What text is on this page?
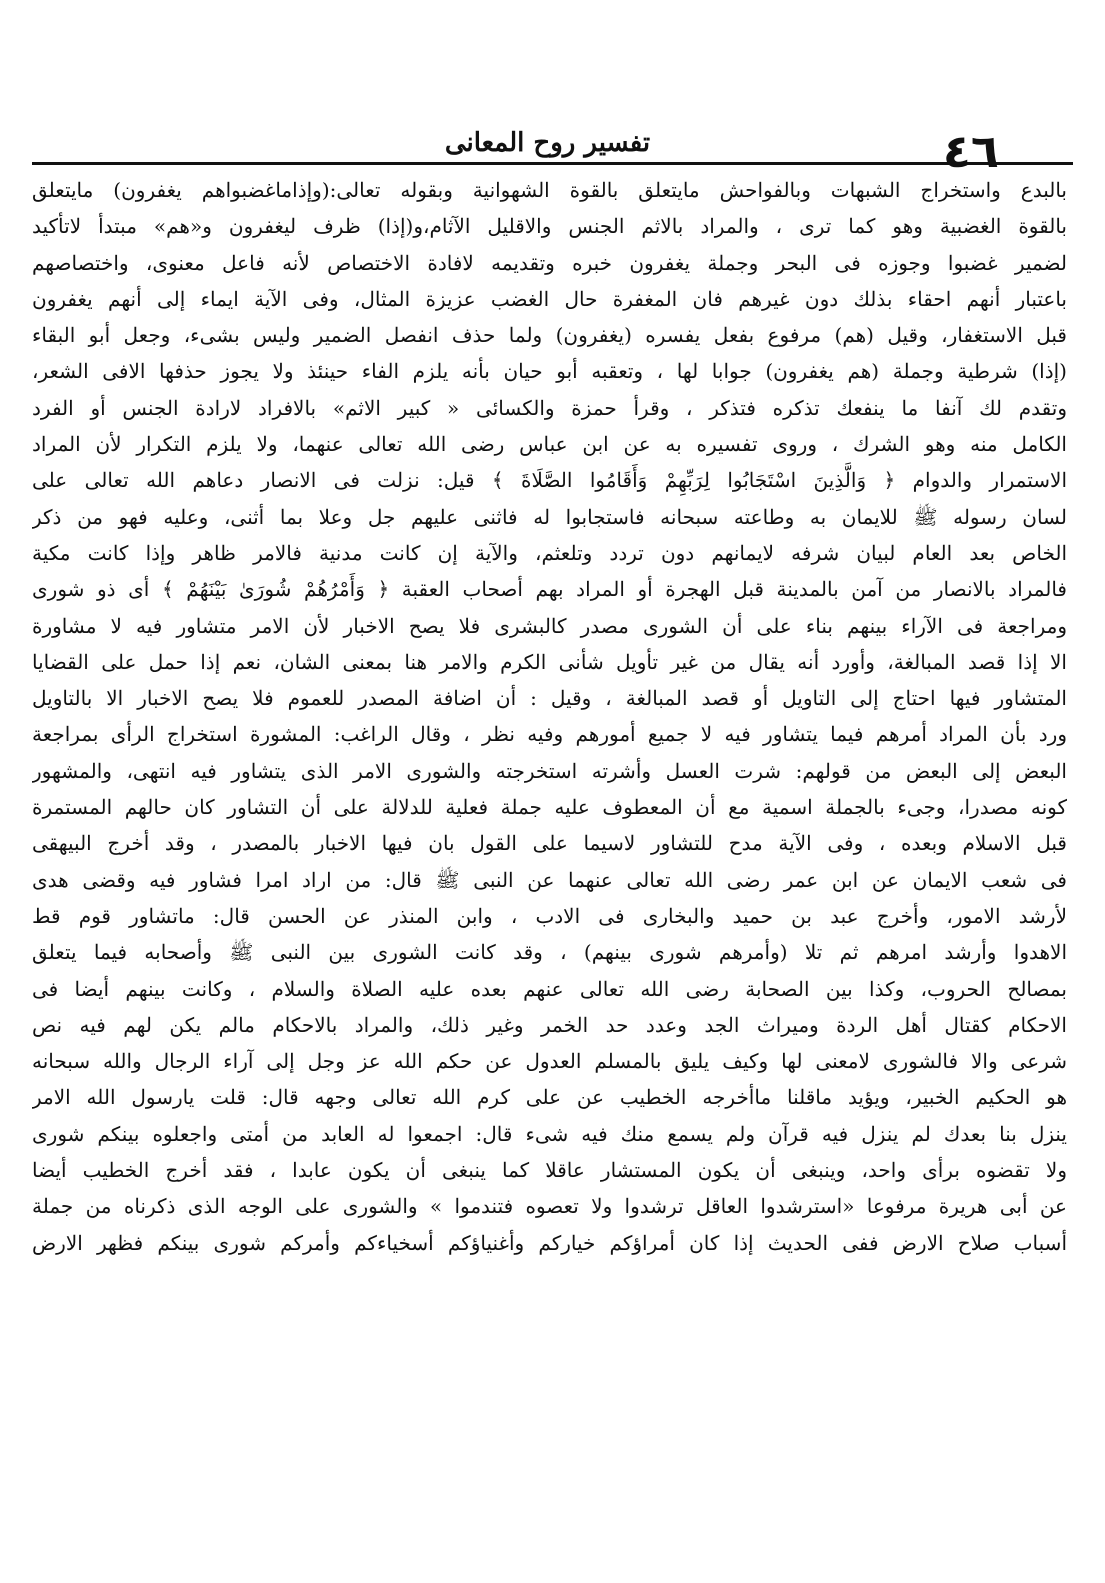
٤٦
تفسير روح المعانى
بالبدع واستخراج الشبهات وبالفواحش مايتعلق بالقوة الشهوانية وبقوله تعالى:(وإذاماغضبواهم يغفرون) مايتعلق
بالقوة الغضبية وهو كما ترى ، والمراد بالاثم الجنس والاقليل الآثام،و(إذا) ظرف ليغفرون و«هم» مبتدأ لاتأكيد
لضمير غضبوا وجوزه فى البحر وجملة يغفرون خبره وتقديمه لافادة الاختصاص لأنه فاعل معنوى، واختصاصهم
باعتبار أنهم احقاء بذلك دون غيرهم فان المغفرة حال الغضب عزيزة المثال، وفى الآية ايماء إلى أنهم يغفرون
قبل الاستغفار، وقيل (هم) مرفوع بفعل يفسره (يغفرون) ولما حذف انفصل الضمير وليس بشىء، وجعل أبو البقاء
(إذا) شرطية وجملة (هم يغفرون) جوابا لها ، وتعقبه أبو حيان بأنه يلزم الفاء حينئذ ولا يجوز حذفها الافى الشعر،
وتقدم لك آنفا ما ينفعك تذكره فتذكر ، وقرأ حمزة والكسائى « كبير الاثم» بالافراد لارادة الجنس أو الفرد
الكامل منه وهو الشرك ، وروى تفسيره به عن ابن عباس رضى الله تعالى عنهما، ولا يلزم التكرار لأن المراد
الاستمرار والدوام ﴿ وَالَّذِينَ اسْتَجَابُوا لِرَبِّهِمْ وَأَقَامُوا الصَّلَاةَ ﴾ قيل: نزلت فى الانصار دعاهم الله تعالى على
لسان رسوله ﷺ للايمان به وطاعته سبحانه فاستجابوا له فاثنى عليهم جل وعلا بما أثنى، وعليه فهو من ذكر
الخاص بعد العام لبيان شرفه لايمانهم دون تردد وتلعثم، والآية إن كانت مدنية فالامر ظاهر وإذا كانت مكية
فالمراد بالانصار من آمن بالمدينة قبل الهجرة أو المراد بهم أصحاب العقبة ﴿ وَأَمْرُهُمْ شُورَىٰ بَيْنَهُمْ ﴾ أى ذو شورى
ومراجعة فى الآراء بينهم بناء على أن الشورى مصدر كالبشرى فلا يصح الاخبار لأن الامر متشاور فيه لا مشاورة
الا إذا قصد المبالغة، وأورد أنه يقال من غير تأويل شأنى الكرم والامر هنا بمعنى الشان، نعم إذا حمل على القضايا
المتشاور فيها احتاج إلى التاويل أو قصد المبالغة ، وقيل : أن اضافة المصدر للعموم فلا يصح الاخبار الا بالتاويل
ورد بأن المراد أمرهم فيما يتشاور فيه لا جميع أمورهم وفيه نظر ، وقال الراغب: المشورة استخراج الرأى بمراجعة
البعض إلى البعض من قولهم: شرت العسل وأشرته استخرجته والشورى الامر الذى يتشاور فيه انتهى، والمشهور
كونه مصدرا، وجىء بالجملة اسمية مع أن المعطوف عليه جملة فعلية للدلالة على أن التشاور كان حالهم المستمرة
قبل الاسلام وبعده ، وفى الآية مدح للتشاور لاسيما على القول بان فيها الاخبار بالمصدر ، وقد أخرج البيهقى
فى شعب الايمان عن ابن عمر رضى الله تعالى عنهما عن النبى ﷺ قال: من اراد امرا فشاور فيه وقضى هدى
لأرشد الامور، وأخرج عبد بن حميد والبخارى فى الادب ، وابن المنذر عن الحسن قال: ماتشاور قوم قط
الاهدوا وأرشد امرهم ثم تلا (وأمرهم شورى بينهم) ، وقد كانت الشورى بين النبى ﷺ وأصحابه فيما يتعلق
بمصالح الحروب، وكذا بين الصحابة رضى الله تعالى عنهم بعده عليه الصلاة والسلام ، وكانت بينهم أيضا فى
الاحكام كقتال أهل الردة وميراث الجد وعدد حد الخمر وغير ذلك، والمراد بالاحكام مالم يكن لهم فيه نص
شرعى والا فالشورى لامعنى لها وكيف يليق بالمسلم العدول عن حكم الله عز وجل إلى آراء الرجال والله سبحانه
هو الحكيم الخبير، ويؤيد ماقلنا ماأخرجه الخطيب عن على كرم الله تعالى وجهه قال: قلت يارسول الله الامر
ينزل بنا بعدك لم ينزل فيه قرآن ولم يسمع منك فيه شىء قال: اجمعوا له العابد من أمتى واجعلوه بينكم شورى
ولا تقضوه برأى واحد، وينبغى أن يكون المستشار عاقلا كما ينبغى أن يكون عابدا ، فقد أخرج الخطيب أيضا
عن أبى هريرة مرفوعا «استرشدوا العاقل ترشدوا ولا تعصوه فتندموا » والشورى على الوجه الذى ذكرناه من جملة
أسباب صلاح الارض ففى الحديث إذا كان أمراؤكم خياركم وأغنياؤكم أسخياءكم وأمركم شورى بينكم فظهر الارض
